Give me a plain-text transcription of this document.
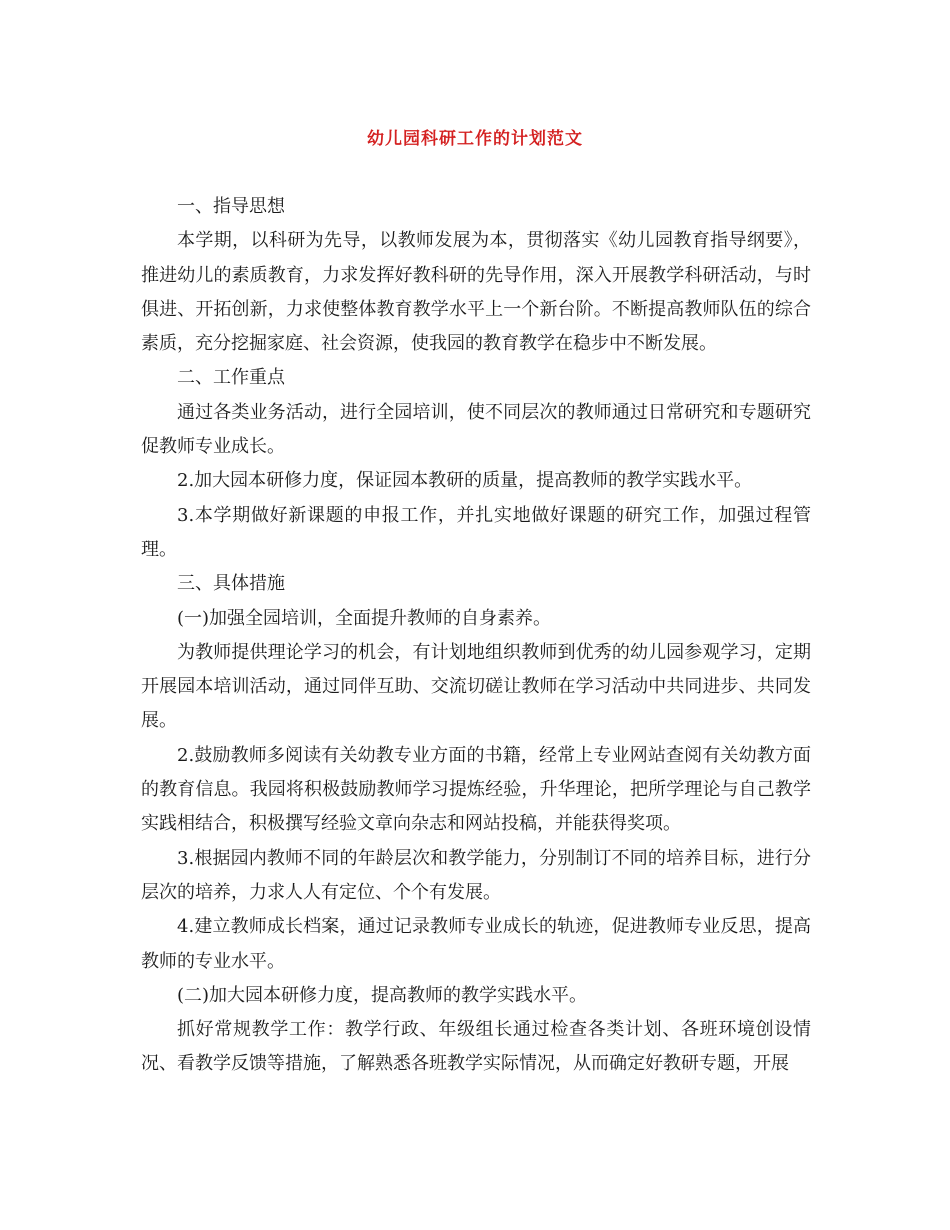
幼儿园科研工作的计划范文

一、指导思想

本学期，以科研为先导，以教师发展为本，贯彻落实《幼儿园教育指导纲要》，推进幼儿的素质教育，力求发挥好教科研的先导作用，深入开展教学科研活动，与时俱进、开拓创新，力求使整体教育教学水平上一个新台阶。不断提高教师队伍的综合素质，充分挖掘家庭、社会资源，使我园的教育教学在稳步中不断发展。

二、工作重点

通过各类业务活动，进行全园培训，使不同层次的教师通过日常研究和专题研究促教师专业成长。

2.加大园本研修力度，保证园本教研的质量，提高教师的教学实践水平。

3.本学期做好新课题的申报工作，并扎实地做好课题的研究工作，加强过程管理。

三、具体措施

(一)加强全园培训，全面提升教师的自身素养。

为教师提供理论学习的机会，有计划地组织教师到优秀的幼儿园参观学习，定期开展园本培训活动，通过同伴互助、交流切磋让教师在学习活动中共同进步、共同发展。

2.鼓励教师多阅读有关幼教专业方面的书籍，经常上专业网站查阅有关幼教方面的教育信息。我园将积极鼓励教师学习提炼经验，升华理论，把所学理论与自己教学实践相结合，积极撰写经验文章向杂志和网站投稿，并能获得奖项。

3.根据园内教师不同的年龄层次和教学能力，分别制订不同的培养目标，进行分层次的培养，力求人人有定位、个个有发展。

4.建立教师成长档案，通过记录教师专业成长的轨迹，促进教师专业反思，提高教师的专业水平。

(二)加大园本研修力度，提高教师的教学实践水平。

抓好常规教学工作：教学行政、年级组长通过检查各类计划、各班环境创设情况、看教学反馈等措施，了解熟悉各班教学实际情况，从而确定好教研专题，开展
